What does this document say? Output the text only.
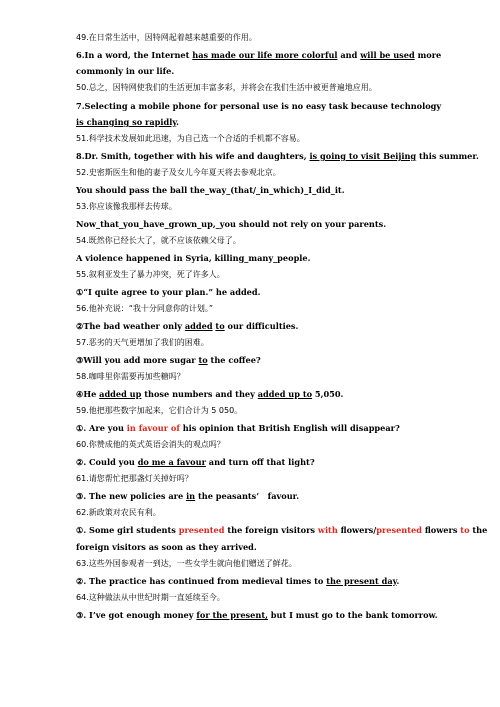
49.在日常生活中，因特网起着越来越重要的作用。
6.In a word, the Internet has made our life more colorful and will be used more
commonly in our life.
50.总之，因特网使我们的生活更加丰富多彩，并将会在我们生活中被更普遍地应用。
7.Selecting a mobile phone for personal use is no easy task because technology
is changing so rapidly.
51.科学技术发展如此迅速，为自己选一个合适的手机都不容易。
8.Dr. Smith, together with his wife and daughters, is going to visit Beijing this summer.
52.史密斯医生和他的妻子及女儿今年夏天将去参观北京。
You should pass the ball the_way_(that/_in_which)_I_did_it.
53.你应该像我那样去传球。
Now_that_you_have_grown_up,_you should not rely on your parents.
54.既然你已经长大了，就不应该依赖父母了。
A violence happened in Syria, killing_many_people.
55.叙利亚发生了暴力冲突，死了许多人。
①“I quite agree to your plan.” he added.
56.他补充说：“我十分同意你的计划。”
②The bad weather only added to our difficulties.
57.恶劣的天气更增加了我们的困难。
③Will you add more sugar to the coffee?
58.咖啡里你需要再加些糖吗？
④He added up those numbers and they added up to 5,050.
59.他把那些数字加起来，它们合计为 5 050。
①. Are you in favour of his opinion that British English will disappear?
60.你赞成他的英式英语会消失的观点吗？
②. Could you do me a favour and turn off that light?
61.请您帮忙把那盏灯关掉好吗？
③. The new policies are in the peasants’   favour.
62.新政策对农民有利。
①. Some girl students presented the foreign visitors with flowers/presented flowers to the
foreign visitors as soon as they arrived.
63.这些外国参观者一到达，一些女学生就向他们赠送了鲜花。
②. The practice has continued from medieval times to the present day.
64.这种做法从中世纪时期一直延续至今。
③. I’ve got enough money for the present, but I must go to the bank tomorrow.
